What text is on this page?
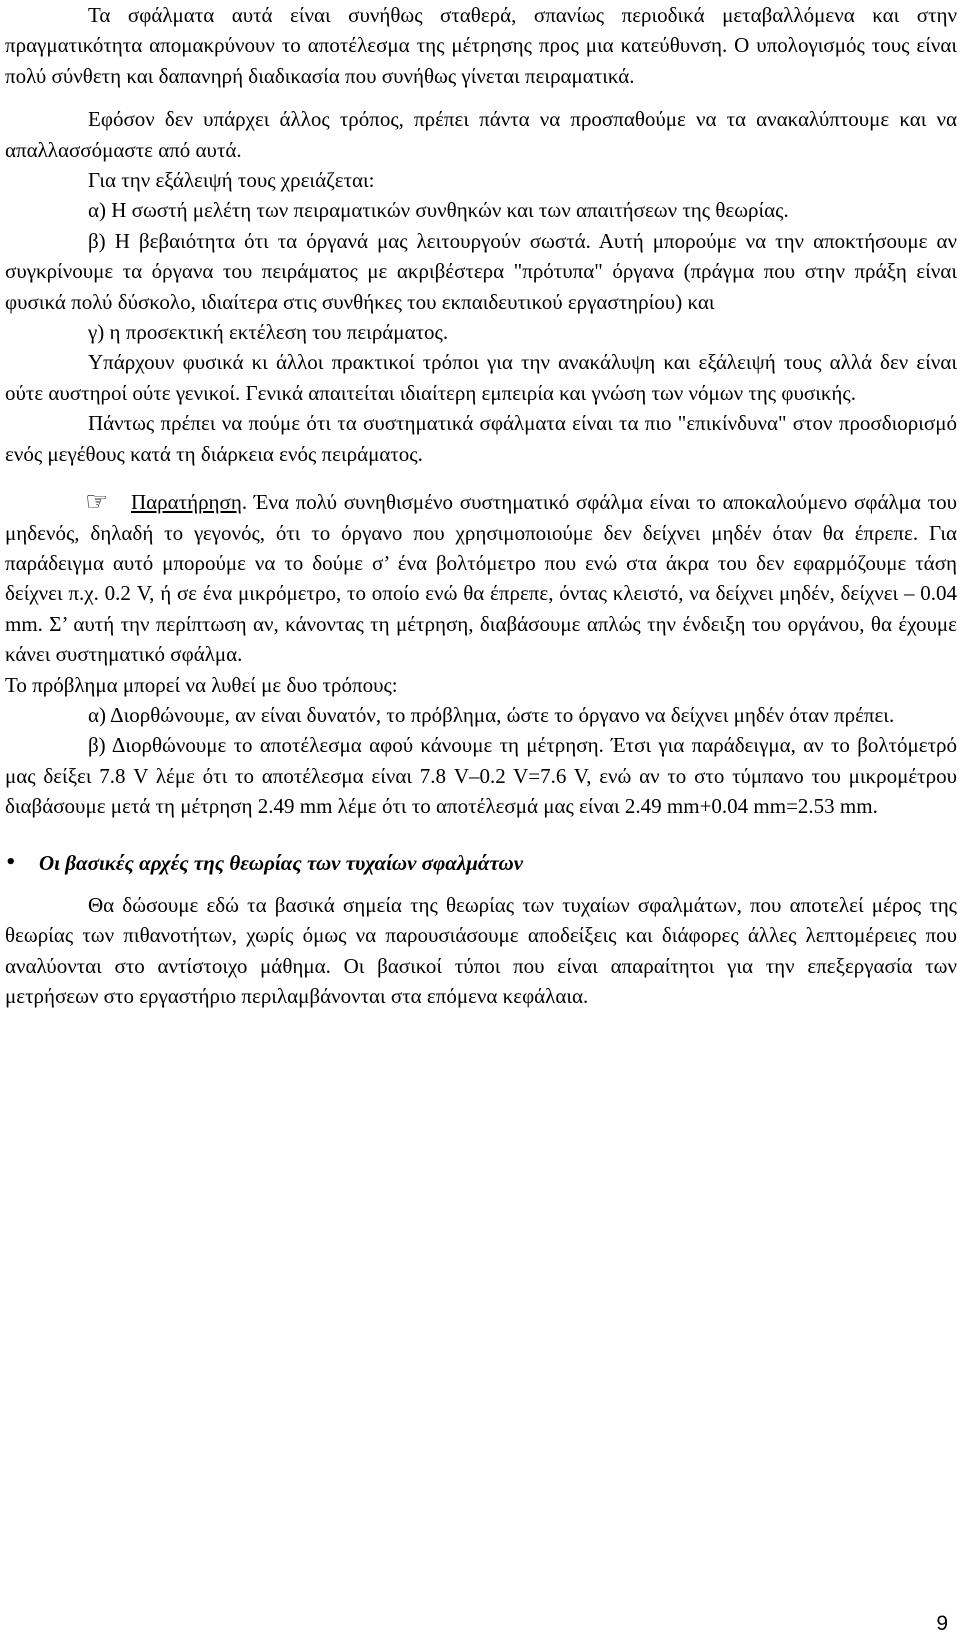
Τα σφάλματα αυτά είναι συνήθως σταθερά, σπανίως περιοδικά μεταβαλλόμενα και στην πραγματικότητα απομακρύνουν το αποτέλεσμα της μέτρησης προς μια κατεύθυνση. Ο υπολογισμός τους είναι πολύ σύνθετη και δαπανηρή διαδικασία που συνήθως γίνεται πειραματικά.

Εφόσον δεν υπάρχει άλλος τρόπος, πρέπει πάντα να προσπαθούμε να τα ανακαλύπτουμε και να απαλλασσόμαστε από αυτά.

Για την εξάλειψή τους χρειάζεται:

α) Η σωστή μελέτη των πειραματικών συνθηκών και των απαιτήσεων της θεωρίας.

β) Η βεβαιότητα ότι τα όργανά μας λειτουργούν σωστά. Αυτή μπορούμε να την αποκτήσουμε αν συγκρίνουμε τα όργανα του πειράματος με ακριβέστερα "πρότυπα" όργανα (πράγμα που στην πράξη είναι φυσικά πολύ δύσκολο, ιδιαίτερα στις συνθήκες του εκπαιδευτικού εργαστηρίου) και

γ) η προσεκτική εκτέλεση του πειράματος.

Υπάρχουν φυσικά κι άλλοι πρακτικοί τρόποι για την ανακάλυψη και εξάλειψή τους αλλά δεν είναι ούτε αυστηροί ούτε γενικοί. Γενικά απαιτείται ιδιαίτερη εμπειρία και γνώση των νόμων της φυσικής.

Πάντως πρέπει να πούμε ότι τα συστηματικά σφάλματα είναι τα πιο "επικίνδυνα" στον προσδιορισμό ενός μεγέθους κατά τη διάρκεια ενός πειράματος.

☞ Παρατήρηση. Ένα πολύ συνηθισμένο συστηματικό σφάλμα είναι το αποκαλούμενο σφάλμα του μηδενός, δηλαδή το γεγονός, ότι το όργανο που χρησιμοποιούμε δεν δείχνει μηδέν όταν θα έπρεπε. Για παράδειγμα αυτό μπορούμε να το δούμε σ’ ένα βολτόμετρο που ενώ στα άκρα του δεν εφαρμόζουμε τάση δείχνει π.χ. 0.2 V, ή σε ένα μικρόμετρο, το οποίο ενώ θα έπρεπε, όντας κλειστό, να δείχνει μηδέν, δείχνει – 0.04 mm. Σ’ αυτή την περίπτωση αν, κάνοντας τη μέτρηση, διαβάσουμε απλώς την ένδειξη του οργάνου, θα έχουμε κάνει συστηματικό σφάλμα.

Το πρόβλημα μπορεί να λυθεί με δυο τρόπους:

α) Διορθώνουμε, αν είναι δυνατόν, το πρόβλημα, ώστε το όργανο να δείχνει μηδέν όταν πρέπει.

β) Διορθώνουμε το αποτέλεσμα αφού κάνουμε τη μέτρηση. Έτσι για παράδειγμα, αν το βολτόμετρό μας δείξει 7.8 V λέμε ότι το αποτέλεσμα είναι 7.8 V–0.2 V=7.6 V, ενώ αν το στο τύμπανο του μικρομέτρου διαβάσουμε μετά τη μέτρηση 2.49 mm λέμε ότι το αποτέλεσμά μας είναι 2.49 mm+0.04 mm=2.53 mm.

• Οι βασικές αρχές της θεωρίας των τυχαίων σφαλμάτων

Θα δώσουμε εδώ τα βασικά σημεία της θεωρίας των τυχαίων σφαλμάτων, που αποτελεί μέρος της θεωρίας των πιθανοτήτων, χωρίς όμως να παρουσιάσουμε αποδείξεις και διάφορες άλλες λεπτομέρειες που αναλύονται στο αντίστοιχο μάθημα. Οι βασικοί τύποι που είναι απαραίτητοι για την επεξεργασία των μετρήσεων στο εργαστήριο περιλαμβάνονται στα επόμενα κεφάλαια.

9
